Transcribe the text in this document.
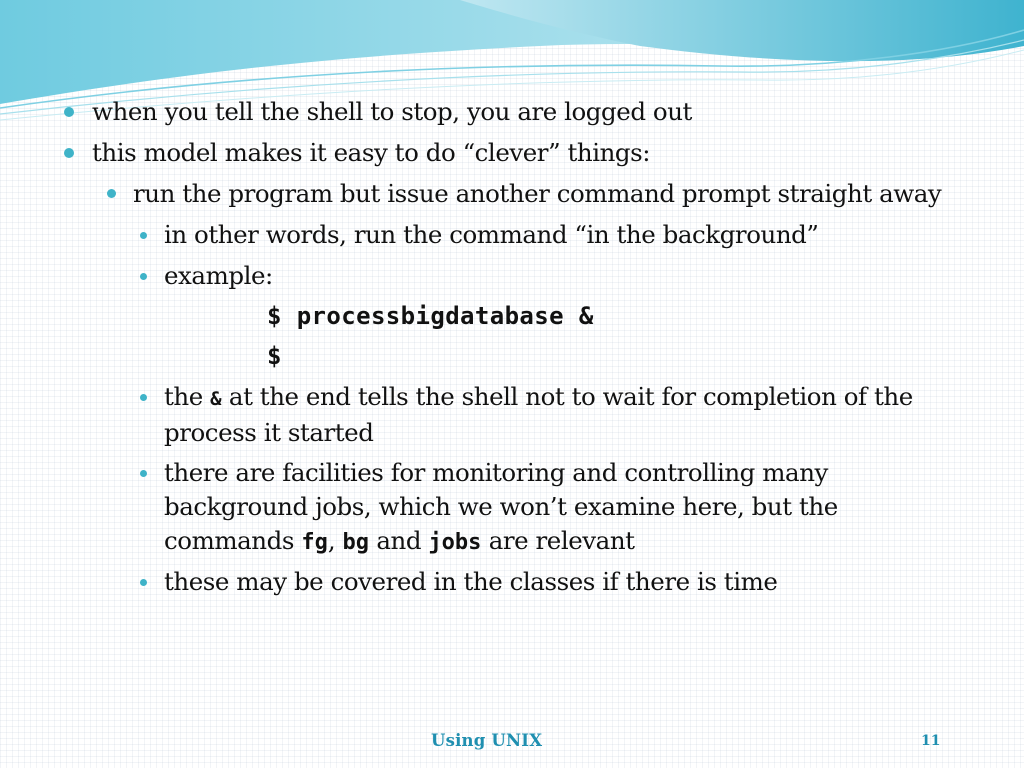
when you tell the shell to stop, you are logged out
this model makes it easy to do “clever” things:
run the program but issue another command prompt straight away
in other words, run the command “in the background”
example:
$ processbigdatabase &
$
the & at the end tells the shell not to wait for completion of the
process it started
there are facilities for monitoring and controlling many
background jobs, which we won’t examine here, but the
commands fg, bg and jobs are relevant
these may be covered in the classes if there is time
Using UNIX	11
